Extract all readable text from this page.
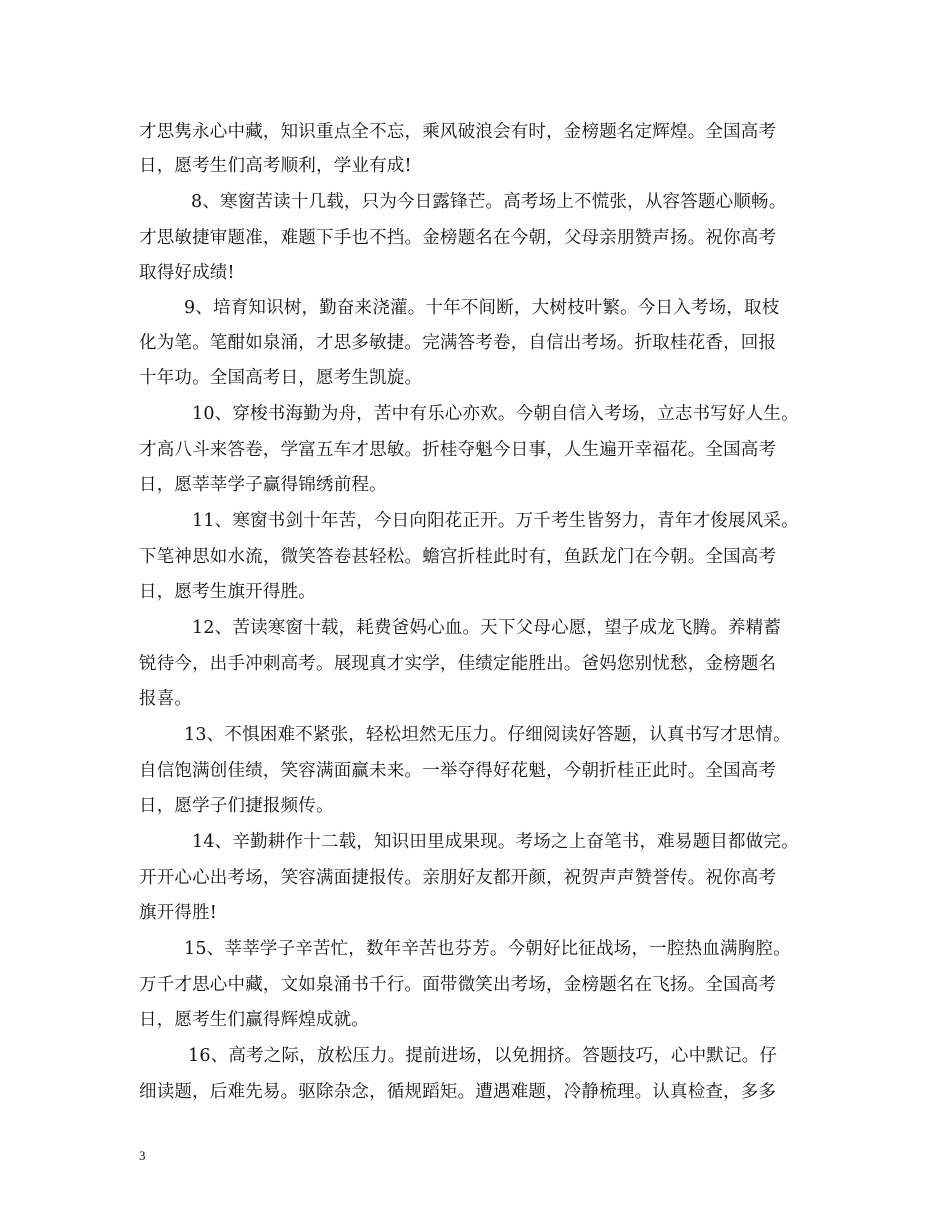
才思隽永心中藏，知识重点全不忘，乘风破浪会有时，金榜题名定辉煌。全国高考
日，愿考生们高考顺利，学业有成!
8、寒窗苦读十几载，只为今日露锋芒。高考场上不慌张，从容答题心顺畅。
才思敏捷审题准，难题下手也不挡。金榜题名在今朝，父母亲朋赞声扬。祝你高考
取得好成绩!
9、培育知识树，勤奋来浇灌。十年不间断，大树枝叶繁。今日入考场，取枝
化为笔。笔酣如泉涌，才思多敏捷。完满答考卷，自信出考场。折取桂花香，回报
十年功。全国高考日，愿考生凯旋。
10、穿梭书海勤为舟，苦中有乐心亦欢。今朝自信入考场，立志书写好人生。
才高八斗来答卷，学富五车才思敏。折桂夺魁今日事，人生遍开幸福花。全国高考
日，愿莘莘学子赢得锦绣前程。
11、寒窗书剑十年苦，今日向阳花正开。万千考生皆努力，青年才俊展风采。
下笔神思如水流，微笑答卷甚轻松。蟾宫折桂此时有，鱼跃龙门在今朝。全国高考
日，愿考生旗开得胜。
12、苦读寒窗十载，耗费爸妈心血。天下父母心愿，望子成龙飞腾。养精蓄
锐待今，出手冲刺高考。展现真才实学，佳绩定能胜出。爸妈您别忧愁，金榜题名
报喜。
13、不惧困难不紧张，轻松坦然无压力。仔细阅读好答题，认真书写才思情。
自信饱满创佳绩，笑容满面赢未来。一举夺得好花魁，今朝折桂正此时。全国高考
日，愿学子们捷报频传。
14、辛勤耕作十二载，知识田里成果现。考场之上奋笔书，难易题目都做完。
开开心心出考场，笑容满面捷报传。亲朋好友都开颜，祝贺声声赞誉传。祝你高考
旗开得胜!
15、莘莘学子辛苦忙，数年辛苦也芬芳。今朝好比征战场，一腔热血满胸腔。
万千才思心中藏，文如泉涌书千行。面带微笑出考场，金榜题名在飞扬。全国高考
日，愿考生们赢得辉煌成就。
16、高考之际，放松压力。提前进场，以免拥挤。答题技巧，心中默记。仔
细读题，后难先易。驱除杂念，循规蹈矩。遭遇难题，冷静梳理。认真检查，多多
3
